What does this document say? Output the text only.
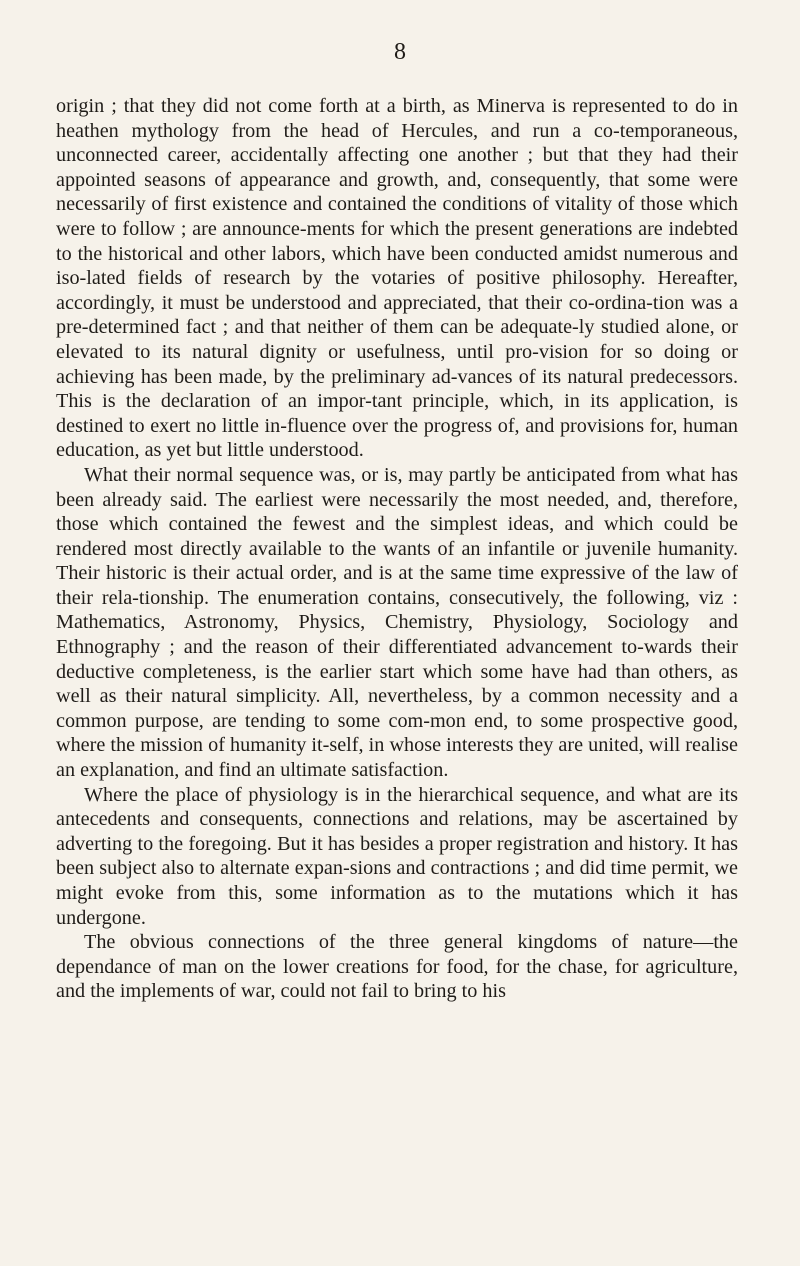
8

origin ; that they did not come forth at a birth, as Minerva is represented to do in heathen mythology from the head of Hercules, and run a co-temporaneous, unconnected career, accidentally affecting one another ; but that they had their appointed seasons of appearance and growth, and, consequently, that some were necessarily of first existence and contained the conditions of vitality of those which were to follow ; are announce-ments for which the present generations are indebted to the historical and other labors, which have been conducted amidst numerous and iso-lated fields of research by the votaries of positive philosophy. Hereafter, accordingly, it must be understood and appreciated, that their co-ordina-tion was a pre-determined fact ; and that neither of them can be adequate-ly studied alone, or elevated to its natural dignity or usefulness, until pro-vision for so doing or achieving has been made, by the preliminary ad-vances of its natural predecessors. This is the declaration of an impor-tant principle, which, in its application, is destined to exert no little in-fluence over the progress of, and provisions for, human education, as yet but little understood.

What their normal sequence was, or is, may partly be anticipated from what has been already said. The earliest were necessarily the most needed, and, therefore, those which contained the fewest and the simplest ideas, and which could be rendered most directly available to the wants of an infantile or juvenile humanity. Their historic is their actual order, and is at the same time expressive of the law of their rela-tionship. The enumeration contains, consecutively, the following, viz : Mathematics, Astronomy, Physics, Chemistry, Physiology, Sociology and Ethnography ; and the reason of their differentiated advancement to-wards their deductive completeness, is the earlier start which some have had than others, as well as their natural simplicity. All, nevertheless, by a common necessity and a common purpose, are tending to some com-mon end, to some prospective good, where the mission of humanity it-self, in whose interests they are united, will realise an explanation, and find an ultimate satisfaction.

Where the place of physiology is in the hierarchical sequence, and what are its antecedents and consequents, connections and relations, may be ascertained by adverting to the foregoing. But it has besides a proper registration and history. It has been subject also to alternate expan-sions and contractions ; and did time permit, we might evoke from this, some information as to the mutations which it has undergone.

The obvious connections of the three general kingdoms of nature—the dependance of man on the lower creations for food, for the chase, for agriculture, and the implements of war, could not fail to bring to his
